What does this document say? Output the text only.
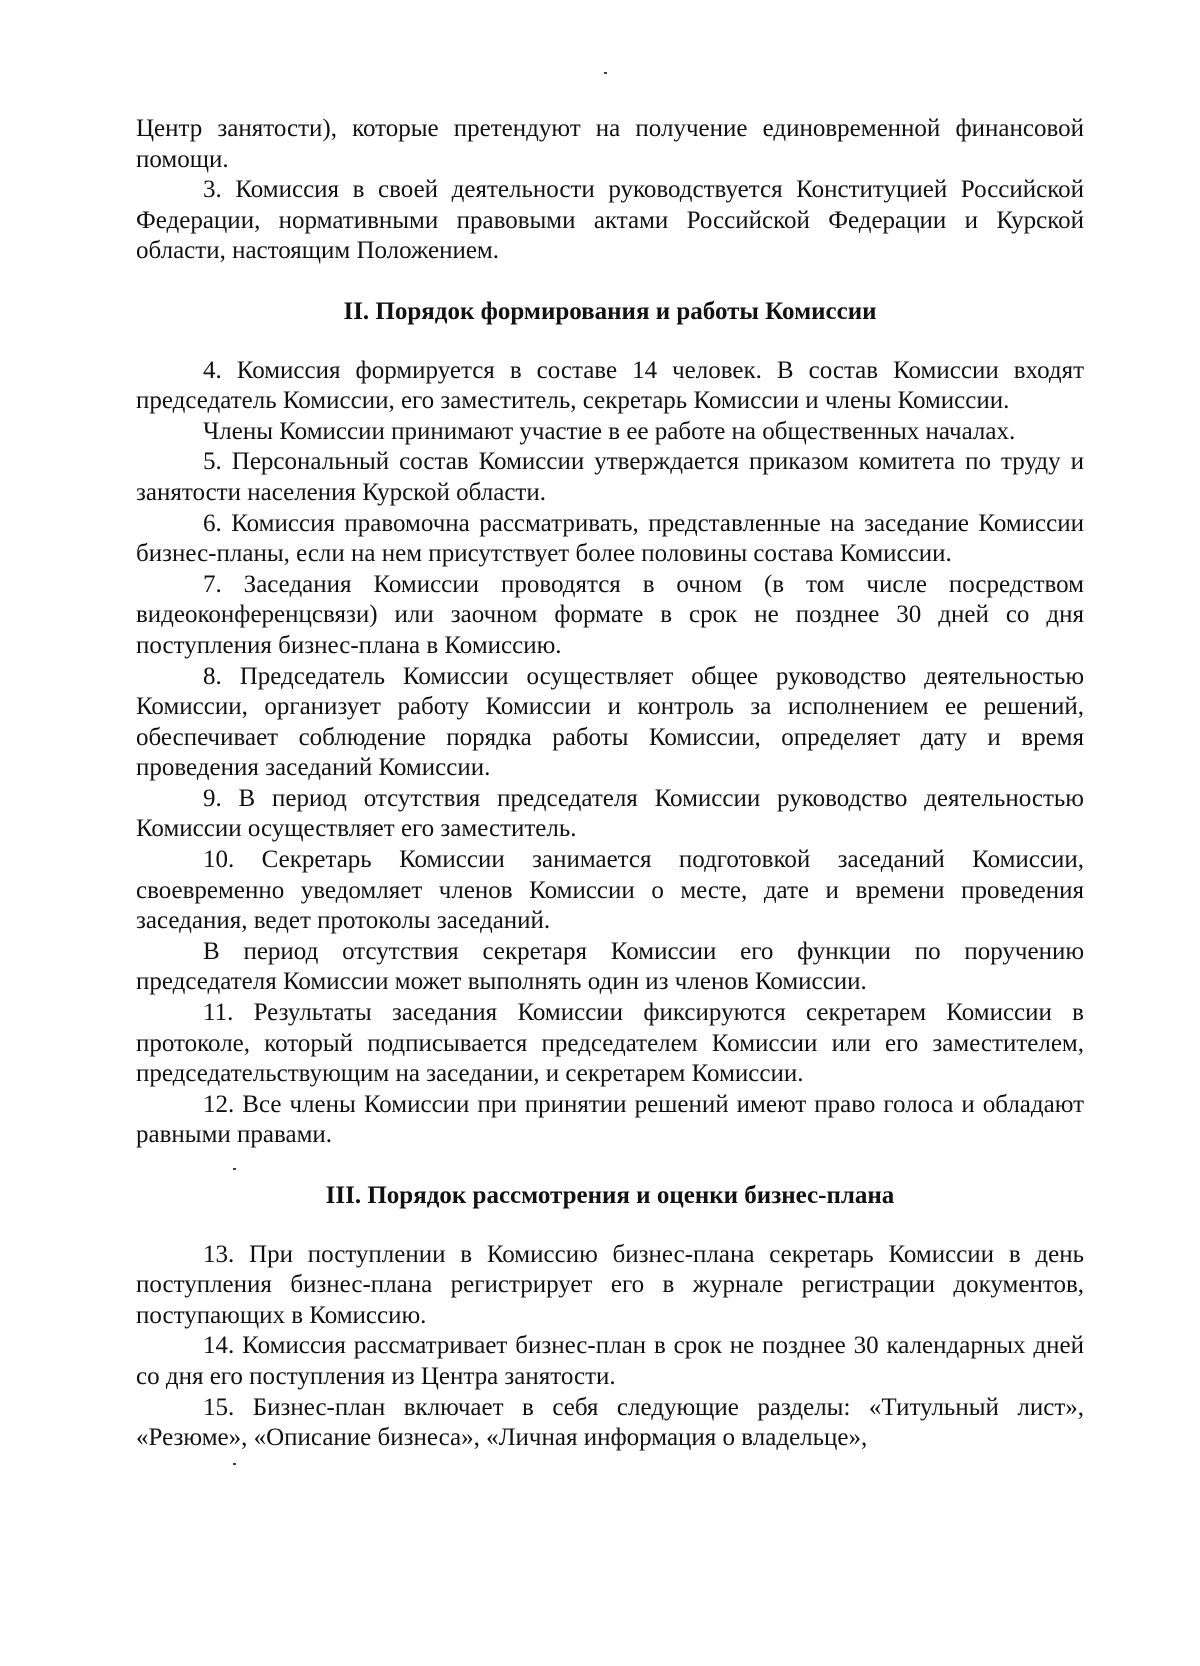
Центр занятости), которые претендуют на получение единовременной финансовой помощи.

3. Комиссия в своей деятельности руководствуется Конституцией Российской Федерации, нормативными правовыми актами Российской Федерации и Курской области, настоящим Положением.

II. Порядок формирования и работы Комиссии

4. Комиссия формируется в составе 14 человек. В состав Комиссии входят председатель Комиссии, его заместитель, секретарь Комиссии и члены Комиссии.

Члены Комиссии принимают участие в ее работе на общественных началах.

5. Персональный состав Комиссии утверждается приказом комитета по труду и занятости населения Курской области.

6. Комиссия правомочна рассматривать, представленные на заседание Комиссии бизнес-планы, если на нем присутствует более половины состава Комиссии.

7. Заседания Комиссии проводятся в очном (в том числе посредством видеоконференцсвязи) или заочном формате в срок не позднее 30 дней со дня поступления бизнес-плана в Комиссию.

8. Председатель Комиссии осуществляет общее руководство деятельностью Комиссии, организует работу Комиссии и контроль за исполнением ее решений, обеспечивает соблюдение порядка работы Комиссии, определяет дату и время проведения заседаний Комиссии.

9. В период отсутствия председателя Комиссии руководство деятельностью Комиссии осуществляет его заместитель.

10. Секретарь Комиссии занимается подготовкой заседаний Комиссии, своевременно уведомляет членов Комиссии о месте, дате и времени проведения заседания, ведет протоколы заседаний.

В период отсутствия секретаря Комиссии его функции по поручению председателя Комиссии может выполнять один из членов Комиссии.

11. Результаты заседания Комиссии фиксируются секретарем Комиссии в протоколе, который подписывается председателем Комиссии или его заместителем, председательствующим на заседании, и секретарем Комиссии.

12. Все члены Комиссии при принятии решений имеют право голоса и обладают равными правами.

III. Порядок рассмотрения и оценки бизнес-плана

13. При поступлении в Комиссию бизнес-плана секретарь Комиссии в день поступления бизнес-плана регистрирует его в журнале регистрации документов, поступающих в Комиссию.

14. Комиссия рассматривает бизнес-план в срок не позднее 30 календарных дней со дня его поступления из Центра занятости.

15. Бизнес-план включает в себя следующие разделы: «Титульный лист», «Резюме», «Описание бизнеса», «Личная информация о владельце»,
